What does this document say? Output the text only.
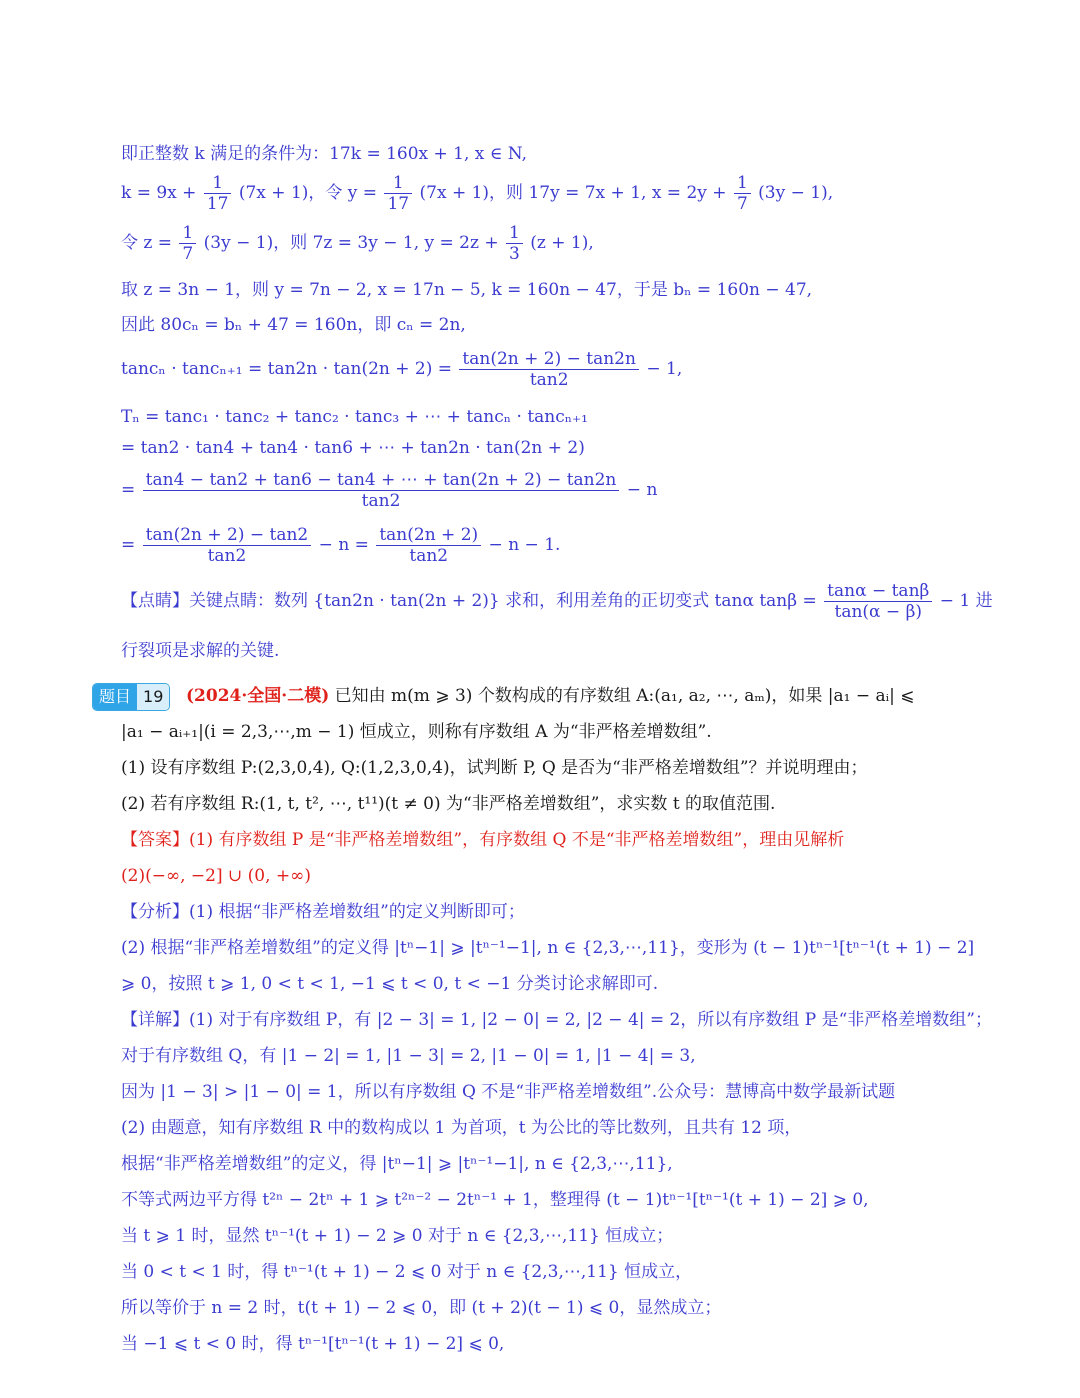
即正整数 k 满足的条件为：17k = 160x + 1, x ∈ N,
$k = 9x + \frac{1}{17} (7x + 1)$，令 $y = \frac{1}{17} (7x + 1)$，则 17y = 7x + 1, $x = 2y + \frac{1}{7} (3y - 1)$,
令 $z = \frac{1}{7} (3y - 1)$，则 7z = 3y − 1, $y = 2z + \frac{1}{3} (z + 1)$,
取 z = 3n − 1，则 y = 7n − 2, x = 17n − 5, k = 160n − 47，于是 bₙ = 160n − 47,
因此 80cₙ = bₙ + 47 = 160n，即 cₙ = 2n,
$\tan c_n \cdot \tan c_{n+1} = \tan 2n \cdot \tan(2n + 2) = \frac{\tan(2n + 2) - \tan 2n}{\tan 2} - 1$,
Tₙ = tanc₁ · tanc₂ + tanc₂ · tanc₃ + ⋯ + tancₙ · tancₙ₊₁
= tan2 · tan4 + tan4 · tan6 + ⋯ + tan2n · tan(2n + 2)
= $\frac{\tan 4 - \tan 2 + \tan 6 - \tan 4 + \cdots + \tan(2n + 2) - \tan 2n}{\tan 2} - n$
= $\frac{\tan(2n + 2) - \tan 2}{\tan 2} - n = \frac{\tan(2n + 2)}{\tan 2} - n - 1$.
【点睛】关键点睛：数列 {tan2n · tan(2n + 2)} 求和，利用差角的正切变式 tanα $\tan\beta = \frac{\tan\alpha - \tan\beta}{\tan(\alpha - \beta)} - 1$ 进
行裂项是求解的关键.
题目 19	(2024·全国·二模) 已知由 m(m ⩾ 3) 个数构成的有序数组 A:(a₁, a₂, ⋯, aₘ)，如果 |a₁ − aᵢ| ⩽
|a₁ − aᵢ₊₁|(i = 2,3,⋯,m − 1) 恒成立，则称有序数组 A 为“非严格差增数组”.
(1) 设有序数组 P:(2,3,0,4), Q:(1,2,3,0,4)，试判断 P, Q 是否为“非严格差增数组”？并说明理由；
(2) 若有序数组 R:(1, t, t², ⋯, t¹¹)(t ≠ 0) 为“非严格差增数组”，求实数 t 的取值范围.
【答案】(1) 有序数组 P 是“非严格差增数组”，有序数组 Q 不是“非严格差增数组”，理由见解析
(2)(−∞, −2] ∪ (0, +∞)
【分析】(1) 根据“非严格差增数组”的定义判断即可；
(2) 根据“非严格差增数组”的定义得 |tⁿ−1| ⩾ |tⁿ⁻¹−1|, n ∈ {2,3,⋯,11}，变形为 (t − 1)tⁿ⁻¹[tⁿ⁻¹(t + 1) − 2]
⩾ 0，按照 t ⩾ 1, 0 < t < 1, −1 ⩽ t < 0, t < −1 分类讨论求解即可.
【详解】(1) 对于有序数组 P，有 |2 − 3| = 1, |2 − 0| = 2, |2 − 4| = 2，所以有序数组 P 是“非严格差增数组”；
对于有序数组 Q，有 |1 − 2| = 1, |1 − 3| = 2, |1 − 0| = 1, |1 − 4| = 3,
因为 |1 − 3| > |1 − 0| = 1，所以有序数组 Q 不是“非严格差增数组”.公众号：慧博高中数学最新试题
(2) 由题意，知有序数组 R 中的数构成以 1 为首项，t 为公比的等比数列，且共有 12 项，
根据“非严格差增数组”的定义，得 |tⁿ−1| ⩾ |tⁿ⁻¹−1|, n ∈ {2,3,⋯,11},
不等式两边平方得 t²ⁿ − 2tⁿ + 1 ⩾ t²ⁿ⁻² − 2tⁿ⁻¹ + 1，整理得 (t − 1)tⁿ⁻¹[tⁿ⁻¹(t + 1) − 2] ⩾ 0,
当 t ⩾ 1 时，显然 tⁿ⁻¹(t + 1) − 2 ⩾ 0 对于 n ∈ {2,3,⋯,11} 恒成立；
当 0 < t < 1 时，得 tⁿ⁻¹(t + 1) − 2 ⩽ 0 对于 n ∈ {2,3,⋯,11} 恒成立，
所以等价于 n = 2 时，t(t + 1) − 2 ⩽ 0，即 (t + 2)(t − 1) ⩽ 0，显然成立；
当 −1 ⩽ t < 0 时，得 tⁿ⁻¹[tⁿ⁻¹(t + 1) − 2] ⩽ 0,
